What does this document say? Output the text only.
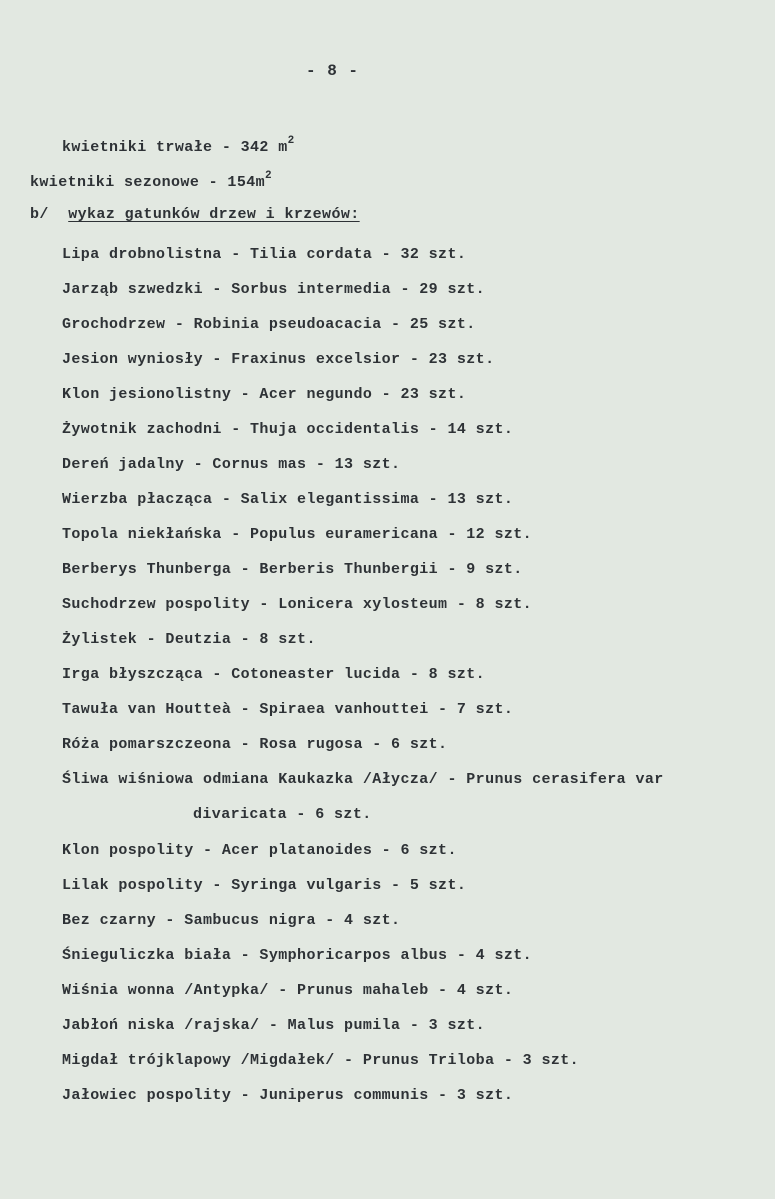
- 8 -
kwietniki trwałe - 342 $m^2$
kwietniki sezonowe - $154m^2$
b/ wykaz gatunków drzew i krzewów:
Lipa drobnolistna - Tilia cordata - 32 szt.
Jarząb szwedzki - Sorbus intermedia - 29 szt.
Grochodrzew - Robinia pseudoacacia - 25 szt.
Jesion wyniosły - Fraxinus excelsior - 23 szt.
Klon jesionolistny - Acer negundo - 23 szt.
Żywotnik zachodni - Thuja occidentalis - 14 szt.
Dereń jadalny - Cornus mas - 13 szt.
Wierzba płacząca - Salix elegantissima - 13 szt.
Topola niekłańska - Populus euramericana - 12 szt.
Berberys Thunberga - Berberis Thunbergii - 9 szt.
Suchodrzew pospolity - Lonicera xylosteum - 8 szt.
Żylistek - Deutzia - 8 szt.
Irga błyszcząca - Cotoneaster lucida - 8 szt.
Tawuła van Houtteà - Spiraea vanhouttei - 7 szt.
Róża pomarszczeona - Rosa rugosa - 6 szt.
Śliwa wiśniowa odmiana Kaukazka /Ałycza/ - Prunus cerasifera var
divaricata - 6 szt.
Klon pospolity - Acer platanoides - 6 szt.
Lilak pospolity - Syringa vulgaris - 5 szt.
Bez czarny - Sambucus nigra - 4 szt.
Śnieguliczka biała - Symphoricarpos albus - 4 szt.
Wiśnia wonna /Antypka/ - Prunus mahaleb - 4 szt.
Jabłoń niska /rajska/ - Malus pumila - 3 szt.
Migdał trójklapowy /Migdałek/ - Prunus Triloba - 3 szt.
Jałowiec pospolity - Juniperus communis - 3 szt.
